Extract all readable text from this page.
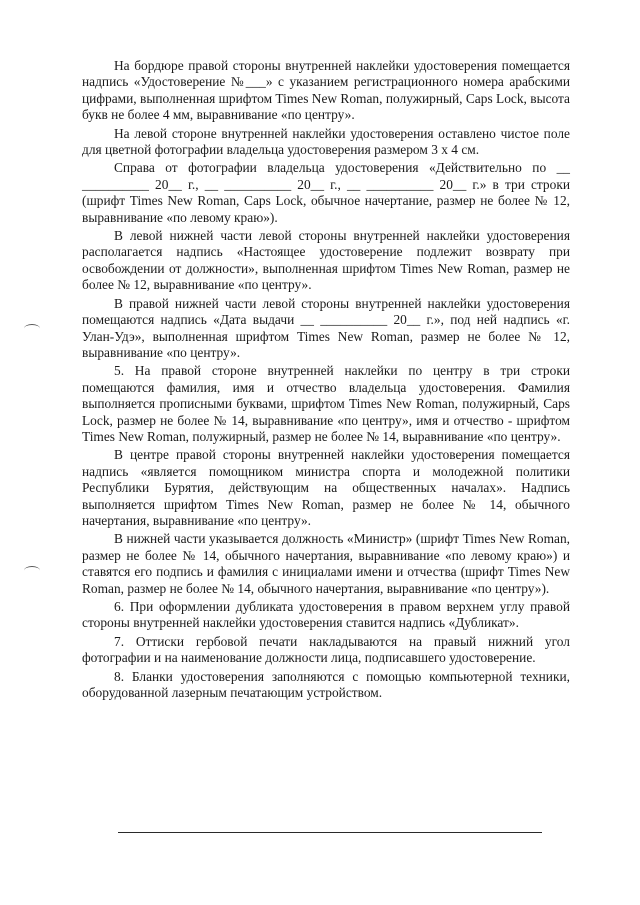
На бордюре правой стороны внутренней наклейки удостоверения помещается надпись «Удостоверение №___» с указанием регистрационного номера арабскими цифрами, выполненная шрифтом Times New Roman, полужирный, Caps Lock, высота букв не более 4 мм, выравнивание «по центру».

На левой стороне внутренней наклейки удостоверения оставлено чистое поле для цветной фотографии владельца удостоверения размером 3 х 4 см.

Справа от фотографии владельца удостоверения «Действительно по __ __________ 20__ г., __ __________ 20__ г., __ __________ 20__ г.» в три строки (шрифт Times New Roman, Caps Lock, обычное начертание, размер не более № 12, выравнивание «по левому краю»).

В левой нижней части левой стороны внутренней наклейки удостоверения располагается надпись «Настоящее удостоверение подлежит возврату при освобождении от должности», выполненная шрифтом Times New Roman, размер не более № 12, выравнивание «по центру».

В правой нижней части левой стороны внутренней наклейки удостоверения помещаются надпись «Дата выдачи __ __________ 20__ г.», под ней надпись «г. Улан-Удэ», выполненная шрифтом Times New Roman, размер не более № 12, выравнивание «по центру».

5. На правой стороне внутренней наклейки по центру в три строки помещаются фамилия, имя и отчество владельца удостоверения. Фамилия выполняется прописными буквами, шрифтом Times New Roman, полужирный, Caps Lock, размер не более № 14, выравнивание «по центру», имя и отчество - шрифтом Times New Roman, полужирный, размер не более № 14, выравнивание «по центру».

В центре правой стороны внутренней наклейки удостоверения помещается надпись «является помощником министра спорта и молодежной политики Республики Бурятия, действующим на общественных началах». Надпись выполняется шрифтом Times New Roman, размер не более № 14, обычного начертания, выравнивание «по центру».

В нижней части указывается должность «Министр» (шрифт Times New Roman, размер не более № 14, обычного начертания, выравнивание «по левому краю») и ставятся его подпись и фамилия с инициалами имени и отчества (шрифт Times New Roman, размер не более № 14, обычного начертания, выравнивание «по центру»).

6. При оформлении дубликата удостоверения в правом верхнем углу правой стороны внутренней наклейки удостоверения ставится надпись «Дубликат».

7. Оттиски гербовой печати накладываются на правый нижний угол фотографии и на наименование должности лица, подписавшего удостоверение.

8. Бланки удостоверения заполняются с помощью компьютерной техники, оборудованной лазерным печатающим устройством.
